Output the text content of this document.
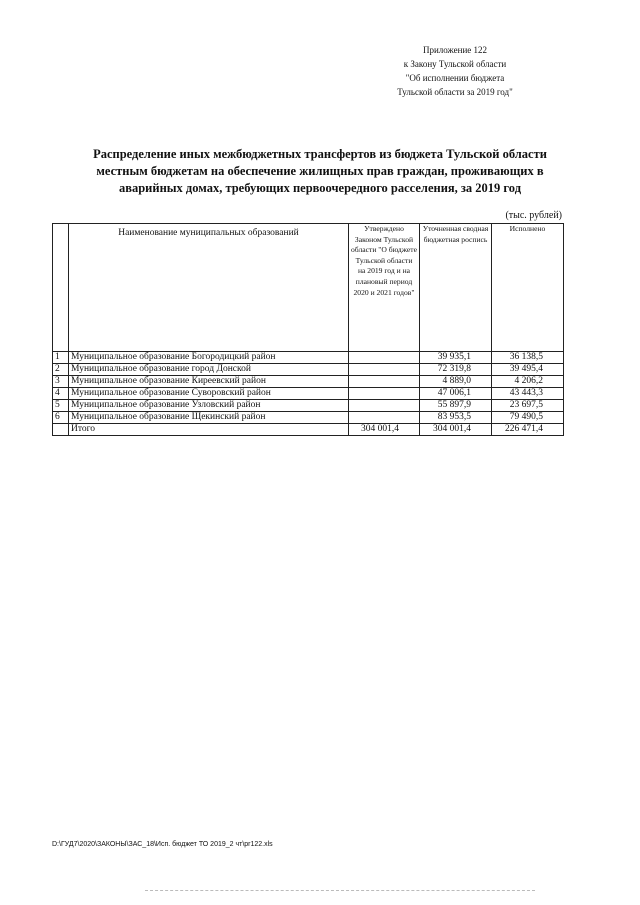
Приложение 122
к Закону Тульской области
"Об исполнении бюджета
Тульской области за 2019 год"
Распределение иных межбюджетных трансфертов из бюджета Тульской области
местным бюджетам на обеспечение жилищных прав граждан, проживающих в
аварийных домах, требующих первоочередного расселения, за 2019 год
(тыс. рублей)
	Наименование муниципальных образований	Утверждено Законом Тульской области "О бюджете Тульской области на 2019 год и на плановый период 2020 и 2021 годов"	Уточненная сводная бюджетная роспись	Исполнено
1	Муниципальное образование Богородицкий район		39 935,1	36 138,5
2	Муниципальное образование город Донской		72 319,8	39 495,4
3	Муниципальное образование Киреевский район		4 889,0	4 206,2
4	Муниципальное образование Суворовский район		47 006,1	43 443,3
5	Муниципальное образование Узловский район		55 897,9	23 697,5
6	Муниципальное образование Щекинский район		83 953,5	79 490,5
	Итого	304 001,4	304 001,4	226 471,4
D:\ГУД7\2020\ЗАКОНЫ\ЗАС_18\Исп. бюджет ТО 2019_2 чт\pr122.xls
